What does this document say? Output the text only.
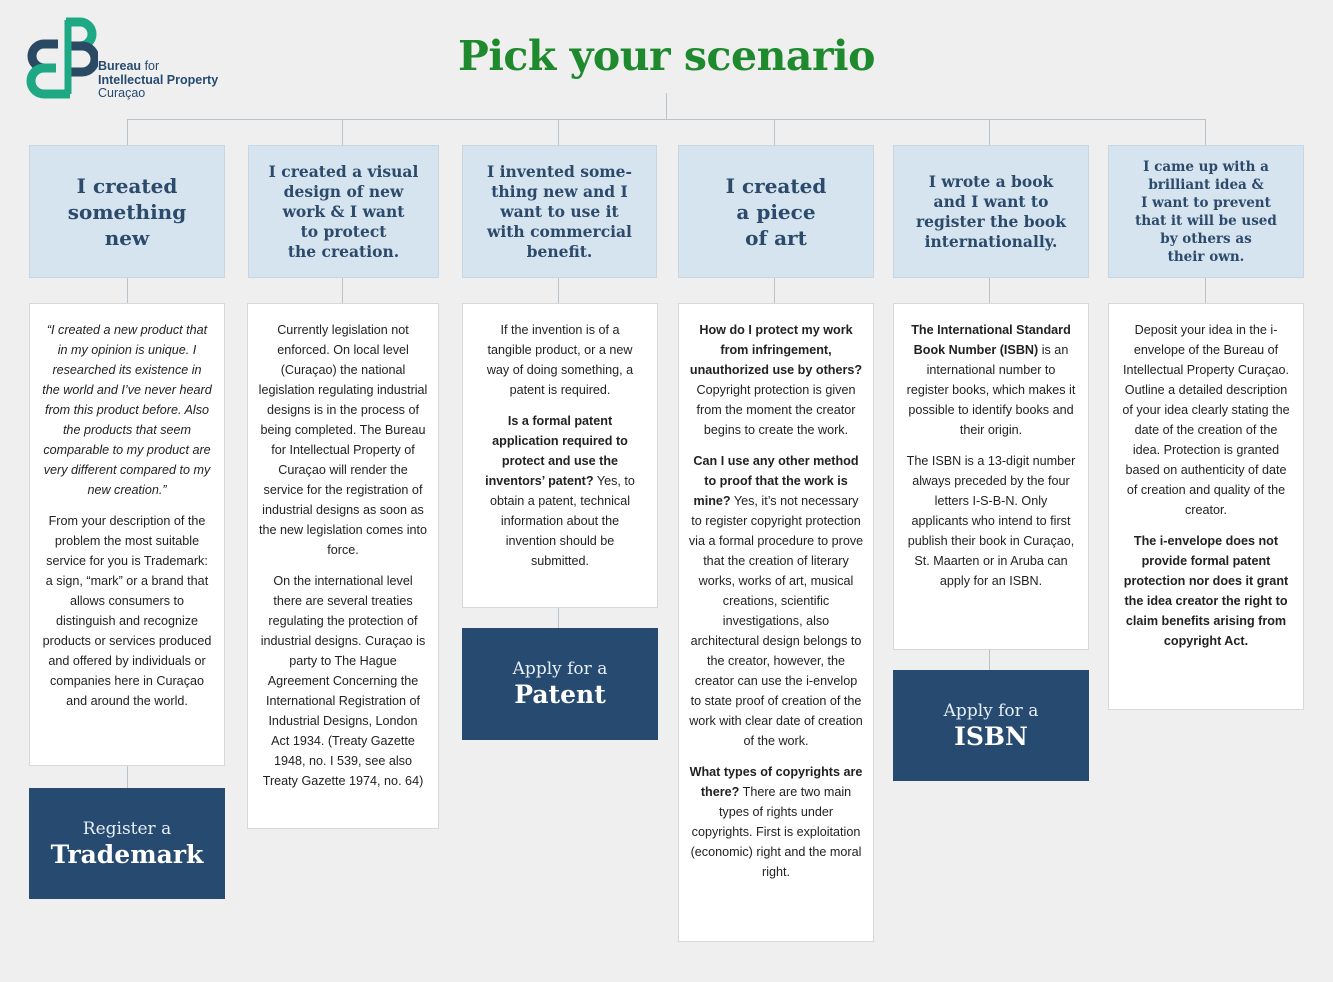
Bureau for
Intellectual Property
Curaçao
Pick your scenario
I created
something
new

“I created a new product that in my opinion is unique. I researched its existence in the world and I’ve never heard from this product before. Also the products that seem comparable to my product are very different compared to my new creation.”

From your description of the problem the most suitable service for you is Trademark: a sign, “mark” or a brand that allows consumers to distinguish and recognize products or services produced and offered by individuals or companies here in Curaçao and around the world.

Register a
Trademark
I created a visual
design of new
work & I want
to protect
the creation.

Currently legislation not enforced. On local level (Curaçao) the national legislation regulating industrial designs is in the process of being completed. The Bureau for Intellectual Property of Curaçao will render the service for the registration of industrial designs as soon as the new legislation comes into force.

On the international level there are several treaties regulating the protection of industrial designs. Curaçao is party to The Hague Agreement Concerning the International Registration of Industrial Designs, London Act 1934. (Treaty Gazette 1948, no. I 539, see also Treaty Gazette 1974, no. 64)

I invented some-
thing new and I
want to use it
with commercial
benefit.

If the invention is of a tangible product, or a new way of doing something, a patent is required.

Is a formal patent application required to protect and use the inventors’ patent? Yes, to obtain a patent, technical information about the invention should be submitted.

Apply for a
Patent
I created
a piece
of art

How do I protect my work from infringement, unauthorized use by others? Copyright protection is given from the moment the creator begins to create the work.

Can I use any other method to proof that the work is mine? Yes, it’s not necessary to register copyright protection via a formal procedure to prove that the creation of literary works, works of art, musical creations, scientific investigations, also architectural design belongs to the creator, however, the creator can use the i-envelop to state proof of creation of the work with clear date of creation of the work.

What types of copyrights are there? There are two main types of rights under copyrights. First is exploitation (economic) right and the moral right.

I wrote a book
and I want to
register the book
internationally.

The International Standard Book Number (ISBN) is an international number to register books, which makes it possible to identify books and their origin.

The ISBN is a 13-digit number always preceded by the four letters I-S-B-N. Only applicants who intend to first publish their book in Curaçao, St. Maarten or in Aruba can apply for an ISBN.

Apply for a
ISBN
I came up with a
brilliant idea &
I want to prevent
that it will be used
by others as
their own.

Deposit your idea in the i-envelope of the Bureau of Intellectual Property Curaçao. Outline a detailed description of your idea clearly stating the date of the creation of the idea. Protection is granted based on authenticity of date of creation and quality of the creator.

The i-envelope does not provide formal patent protection nor does it grant the idea creator the right to claim benefits arising from copyright Act.
